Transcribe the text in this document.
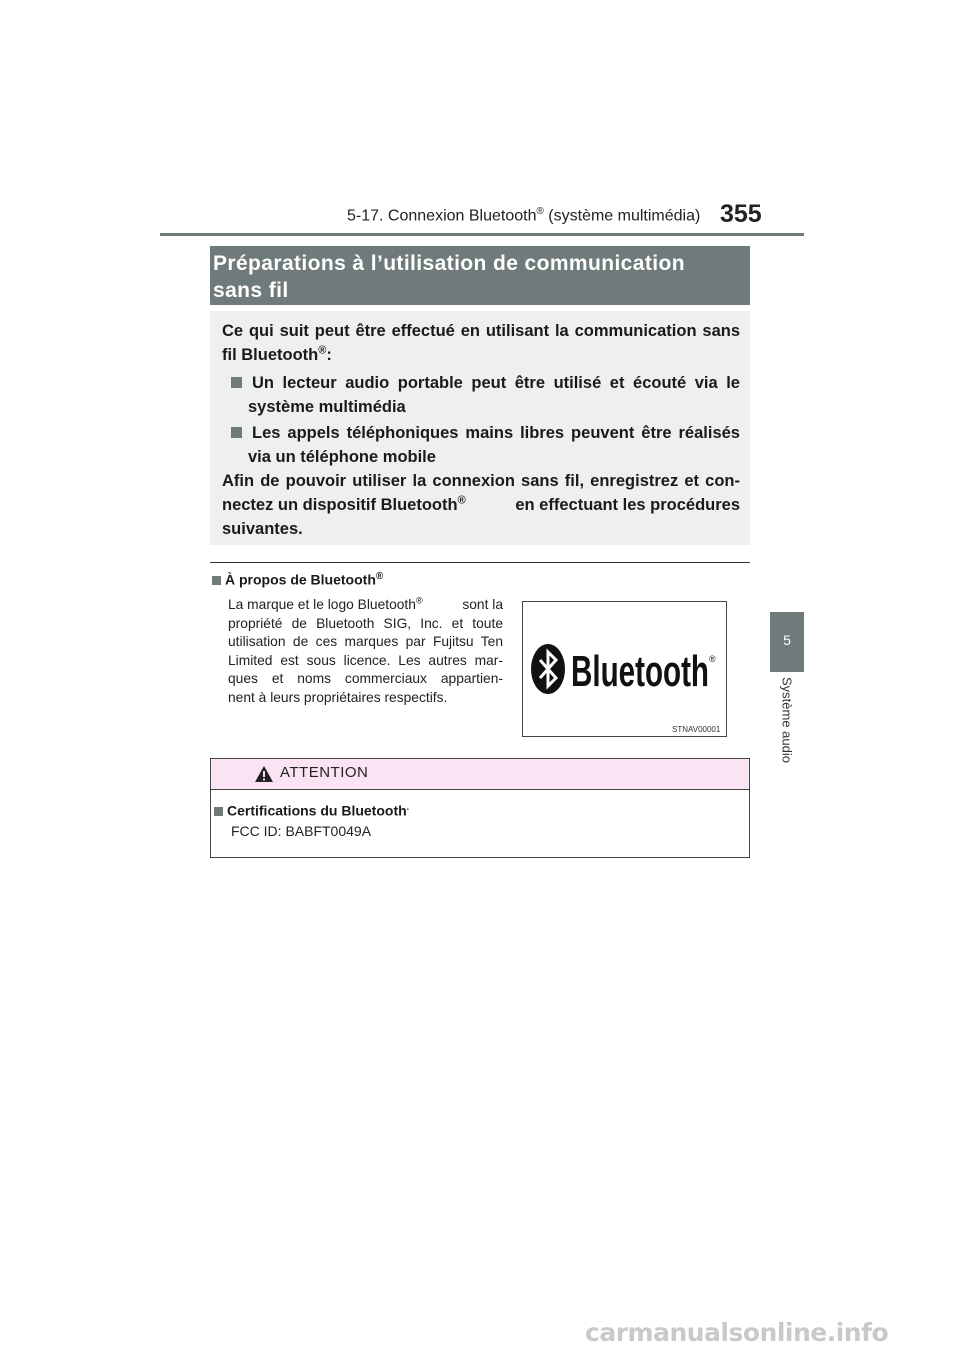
5-17. Connexion Bluetooth® (système multimédia) 355
5
Système audio
Préparations à l’utilisation de communication
sans fil
Ce qui suit peut être effectué en utilisant la communication sans
fil Bluetooth®:
Un lecteur audio portable peut être utilisé et écouté via le
système multimédia
Les appels téléphoniques mains libres peuvent être réalisés
via un téléphone mobile
Afin de pouvoir utiliser la connexion sans fil, enregistrez et con-
nectez un dispositif Bluetooth®	en effectuant les procédures
suivantes.
À propos de Bluetooth®
La marque et le logo Bluetooth®	sont la
propriété de Bluetooth SIG, Inc. et toute
utilisation de ces marques par Fujitsu Ten
Limited est sous licence. Les autres mar-
ques et noms commerciaux appartien-
nent à leurs propriétaires respectifs.
Bluetooth ®
STNAV00001
ATTENTION
Certifications du Bluetooth.
FCC ID: BABFT0049A
carmanualsonline.info
